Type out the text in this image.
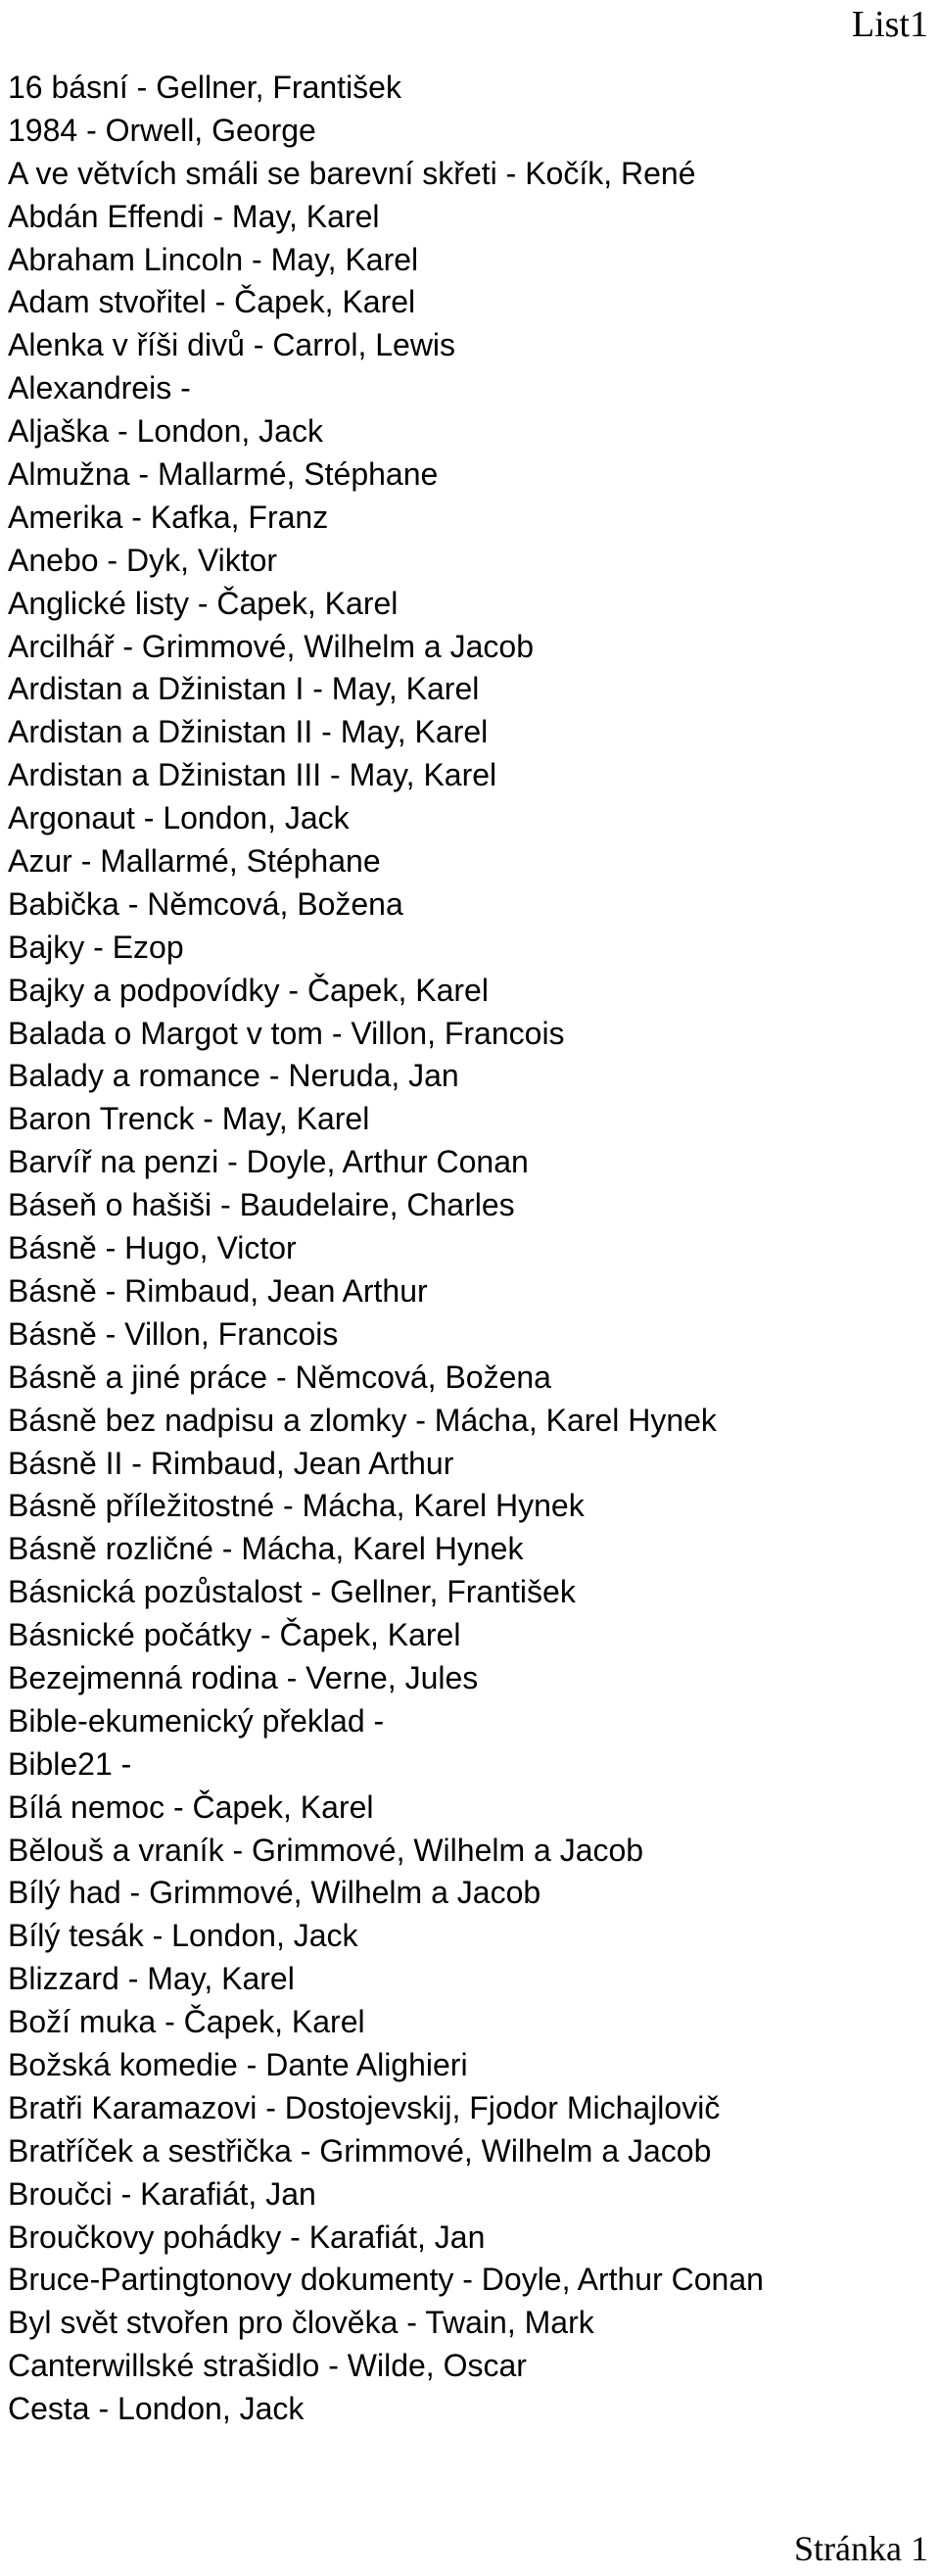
List1
16 básní - Gellner, František
1984 - Orwell, George
A ve větvích smáli se barevní skřeti - Kočík, René
Abdán Effendi - May, Karel
Abraham Lincoln - May, Karel
Adam stvořitel - Čapek, Karel
Alenka v říši divů - Carrol, Lewis
Alexandreis -
Aljaška - London, Jack
Almužna - Mallarmé, Stéphane
Amerika - Kafka, Franz
Anebo - Dyk, Viktor
Anglické listy - Čapek, Karel
Arcilhář - Grimmové, Wilhelm a Jacob
Ardistan a Džinistan I - May, Karel
Ardistan a Džinistan II - May, Karel
Ardistan a Džinistan III - May, Karel
Argonaut - London, Jack
Azur - Mallarmé, Stéphane
Babička - Němcová, Božena
Bajky - Ezop
Bajky a podpovídky - Čapek, Karel
Balada o Margot v tom - Villon, Francois
Balady a romance - Neruda, Jan
Baron Trenck - May, Karel
Barvíř na penzi - Doyle, Arthur Conan
Báseň o hašiši - Baudelaire, Charles
Básně - Hugo, Victor
Básně - Rimbaud, Jean Arthur
Básně - Villon, Francois
Básně a jiné práce - Němcová, Božena
Básně bez nadpisu a zlomky - Mácha, Karel Hynek
Básně II - Rimbaud, Jean Arthur
Básně příležitostné - Mácha, Karel Hynek
Básně rozličné - Mácha, Karel Hynek
Básnická pozůstalost - Gellner, František
Básnické počátky - Čapek, Karel
Bezejmenná rodina - Verne, Jules
Bible-ekumenický překlad -
Bible21 -
Bílá nemoc - Čapek, Karel
Bělouš a vraník - Grimmové, Wilhelm a Jacob
Bílý had - Grimmové, Wilhelm a Jacob
Bílý tesák - London, Jack
Blizzard - May, Karel
Boží muka - Čapek, Karel
Božská komedie - Dante Alighieri
Bratři Karamazovi - Dostojevskij, Fjodor Michajlovič
Bratříček a sestřička - Grimmové, Wilhelm a Jacob
Broučci - Karafiát, Jan
Broučkovy pohádky - Karafiát, Jan
Bruce-Partingtonovy dokumenty - Doyle, Arthur Conan
Byl svět stvořen pro člověka - Twain, Mark
Canterwillské strašidlo - Wilde, Oscar
Cesta - London, Jack
Stránka 1
